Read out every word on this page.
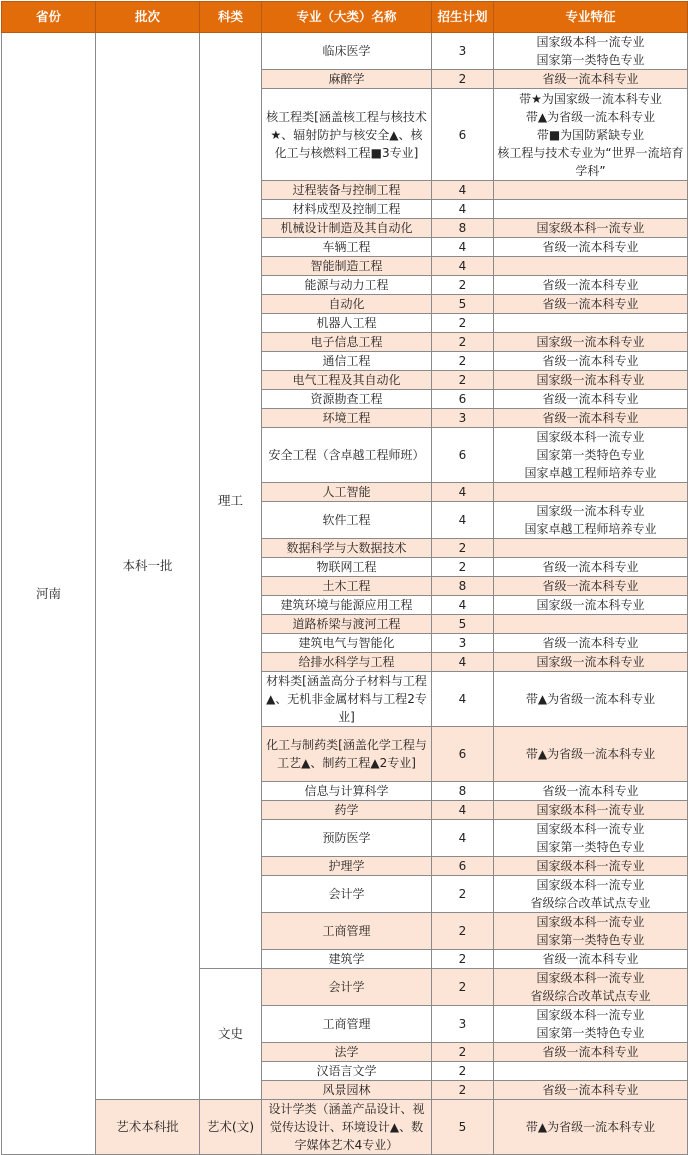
省份	批次	科类	专业（大类）名称	招生计划	专业特征
河南	本科一批	理工	临床医学	3	国家级本科一流专业
国家第一类特色专业

			麻醉学	2	省级一流本科专业

			核工程类[涵盖核工程与核技术★、辐射防护与核安全▲、核化工与核燃料工程■3专业]	6	带★为国家级一流本科专业
带▲为省级一流本科专业
带■为国防紧缺专业
核工程与技术专业为“世界一流培育学科”

			过程装备与控制工程	4	
			材料成型及控制工程	4	
			机械设计制造及其自动化	8	国家级本科一流专业

			车辆工程	4	省级一流本科专业

			智能制造工程	4	
			能源与动力工程	2	省级一流本科专业

			自动化	5	省级一流本科专业

			机器人工程	2	
			电子信息工程	2	国家级一流本科专业

			通信工程	2	省级一流本科专业

			电气工程及其自动化	2	国家级一流本科专业

			资源勘查工程	6	省级一流本科专业

			环境工程	3	省级一流本科专业

			安全工程（含卓越工程师班）	6	国家级本科一流专业
国家第一类特色专业
国家卓越工程师培养专业

			人工智能	4	
			软件工程	4	国家级一流本科专业
国家卓越工程师培养专业

			数据科学与大数据技术	2	
			物联网工程	2	省级一流本科专业

			土木工程	8	省级一流本科专业

			建筑环境与能源应用工程	4	国家级一流本科专业

			道路桥梁与渡河工程	5	
			建筑电气与智能化	3	省级一流本科专业

			给排水科学与工程	4	国家级一流本科专业

			材料类[涵盖高分子材料与工程▲、无机非金属材料与工程2专业]	4	带▲为省级一流本科专业

			化工与制药类[涵盖化学工程与工艺▲、制药工程▲2专业]	6	带▲为省级一流本科专业

			信息与计算科学	8	省级一流本科专业

			药学	4	国家级本科一流专业

			预防医学	4	国家级本科一流专业
国家第一类特色专业

			护理学	6	国家级本科一流专业

			会计学	2	国家级本科一流专业
省级综合改革试点专业

			工商管理	2	国家级本科一流专业
国家第一类特色专业

			建筑学	2	省级一流本科专业

		文史	会计学	2	国家级本科一流专业
省级综合改革试点专业

			工商管理	3	国家级本科一流专业
国家第一类特色专业

			法学	2	省级一流本科专业

			汉语言文学	2	
			风景园林	2	省级一流本科专业

	艺术本科批	艺术(文)	设计学类（涵盖产品设计、视觉传达设计、环境设计▲、数字媒体艺术4专业）	5	带▲为省级一流本科专业
